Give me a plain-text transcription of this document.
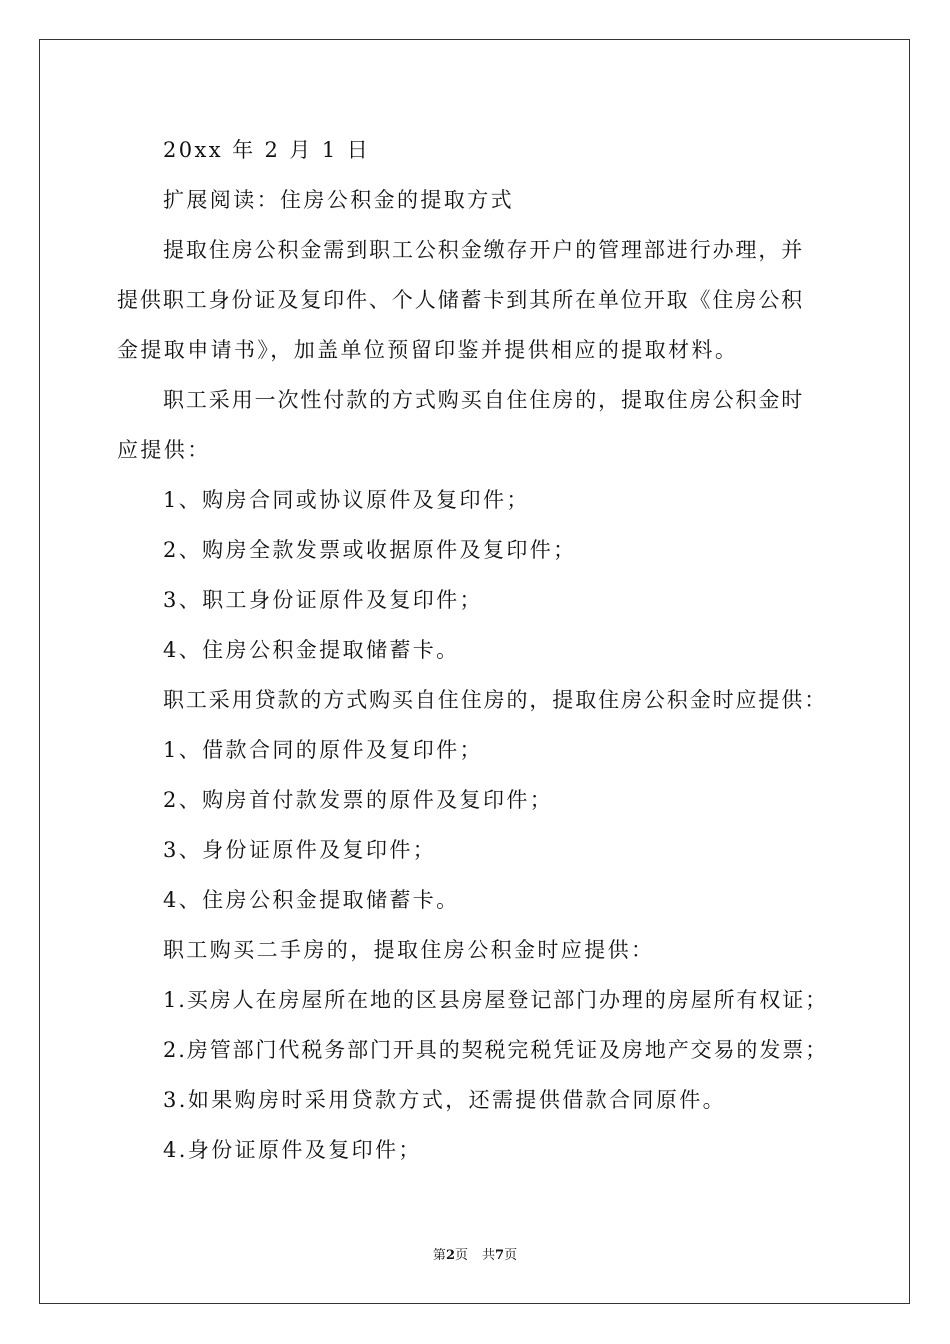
20xx 年 2 月 1 日
扩展阅读：住房公积金的提取方式
提取住房公积金需到职工公积金缴存开户的管理部进行办理，并
提供职工身份证及复印件、个人储蓄卡到其所在单位开取《住房公积
金提取申请书》，加盖单位预留印鉴并提供相应的提取材料。
职工采用一次性付款的方式购买自住住房的，提取住房公积金时
应提供：
1、购房合同或协议原件及复印件；
2、购房全款发票或收据原件及复印件；
3、职工身份证原件及复印件；
4、住房公积金提取储蓄卡。
职工采用贷款的方式购买自住住房的，提取住房公积金时应提供：
1、借款合同的原件及复印件；
2、购房首付款发票的原件及复印件；
3、身份证原件及复印件；
4、住房公积金提取储蓄卡。
职工购买二手房的，提取住房公积金时应提供：
1.买房人在房屋所在地的区县房屋登记部门办理的房屋所有权证；
2.房管部门代税务部门开具的契税完税凭证及房地产交易的发票；
3.如果购房时采用贷款方式，还需提供借款合同原件。
4.身份证原件及复印件；
第2页 共7页
